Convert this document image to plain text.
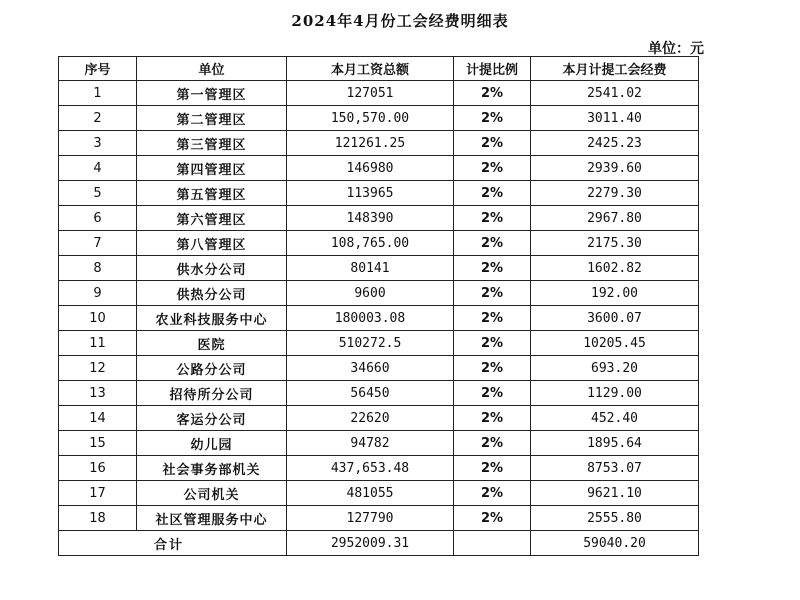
2024年4月份工会经费明细表
单位：元
序号	单位	本月工资总额	计提比例	本月计提工会经费
1	第一管理区	127051	2%	2541.02
2	第二管理区	150,570.00	2%	3011.40
3	第三管理区	121261.25	2%	2425.23
4	第四管理区	146980	2%	2939.60
5	第五管理区	113965	2%	2279.30
6	第六管理区	148390	2%	2967.80
7	第八管理区	108,765.00	2%	2175.30
8	供水分公司	80141	2%	1602.82
9	供热分公司	9600	2%	192.00
10	农业科技服务中心	180003.08	2%	3600.07
11	医院	510272.5	2%	10205.45
12	公路分公司	34660	2%	693.20
13	招待所分公司	56450	2%	1129.00
14	客运分公司	22620	2%	452.40
15	幼儿园	94782	2%	1895.64
16	社会事务部机关	437,653.48	2%	8753.07
17	公司机关	481055	2%	9621.10
18	社区管理服务中心	127790	2%	2555.80
合计		2952009.31		59040.20
